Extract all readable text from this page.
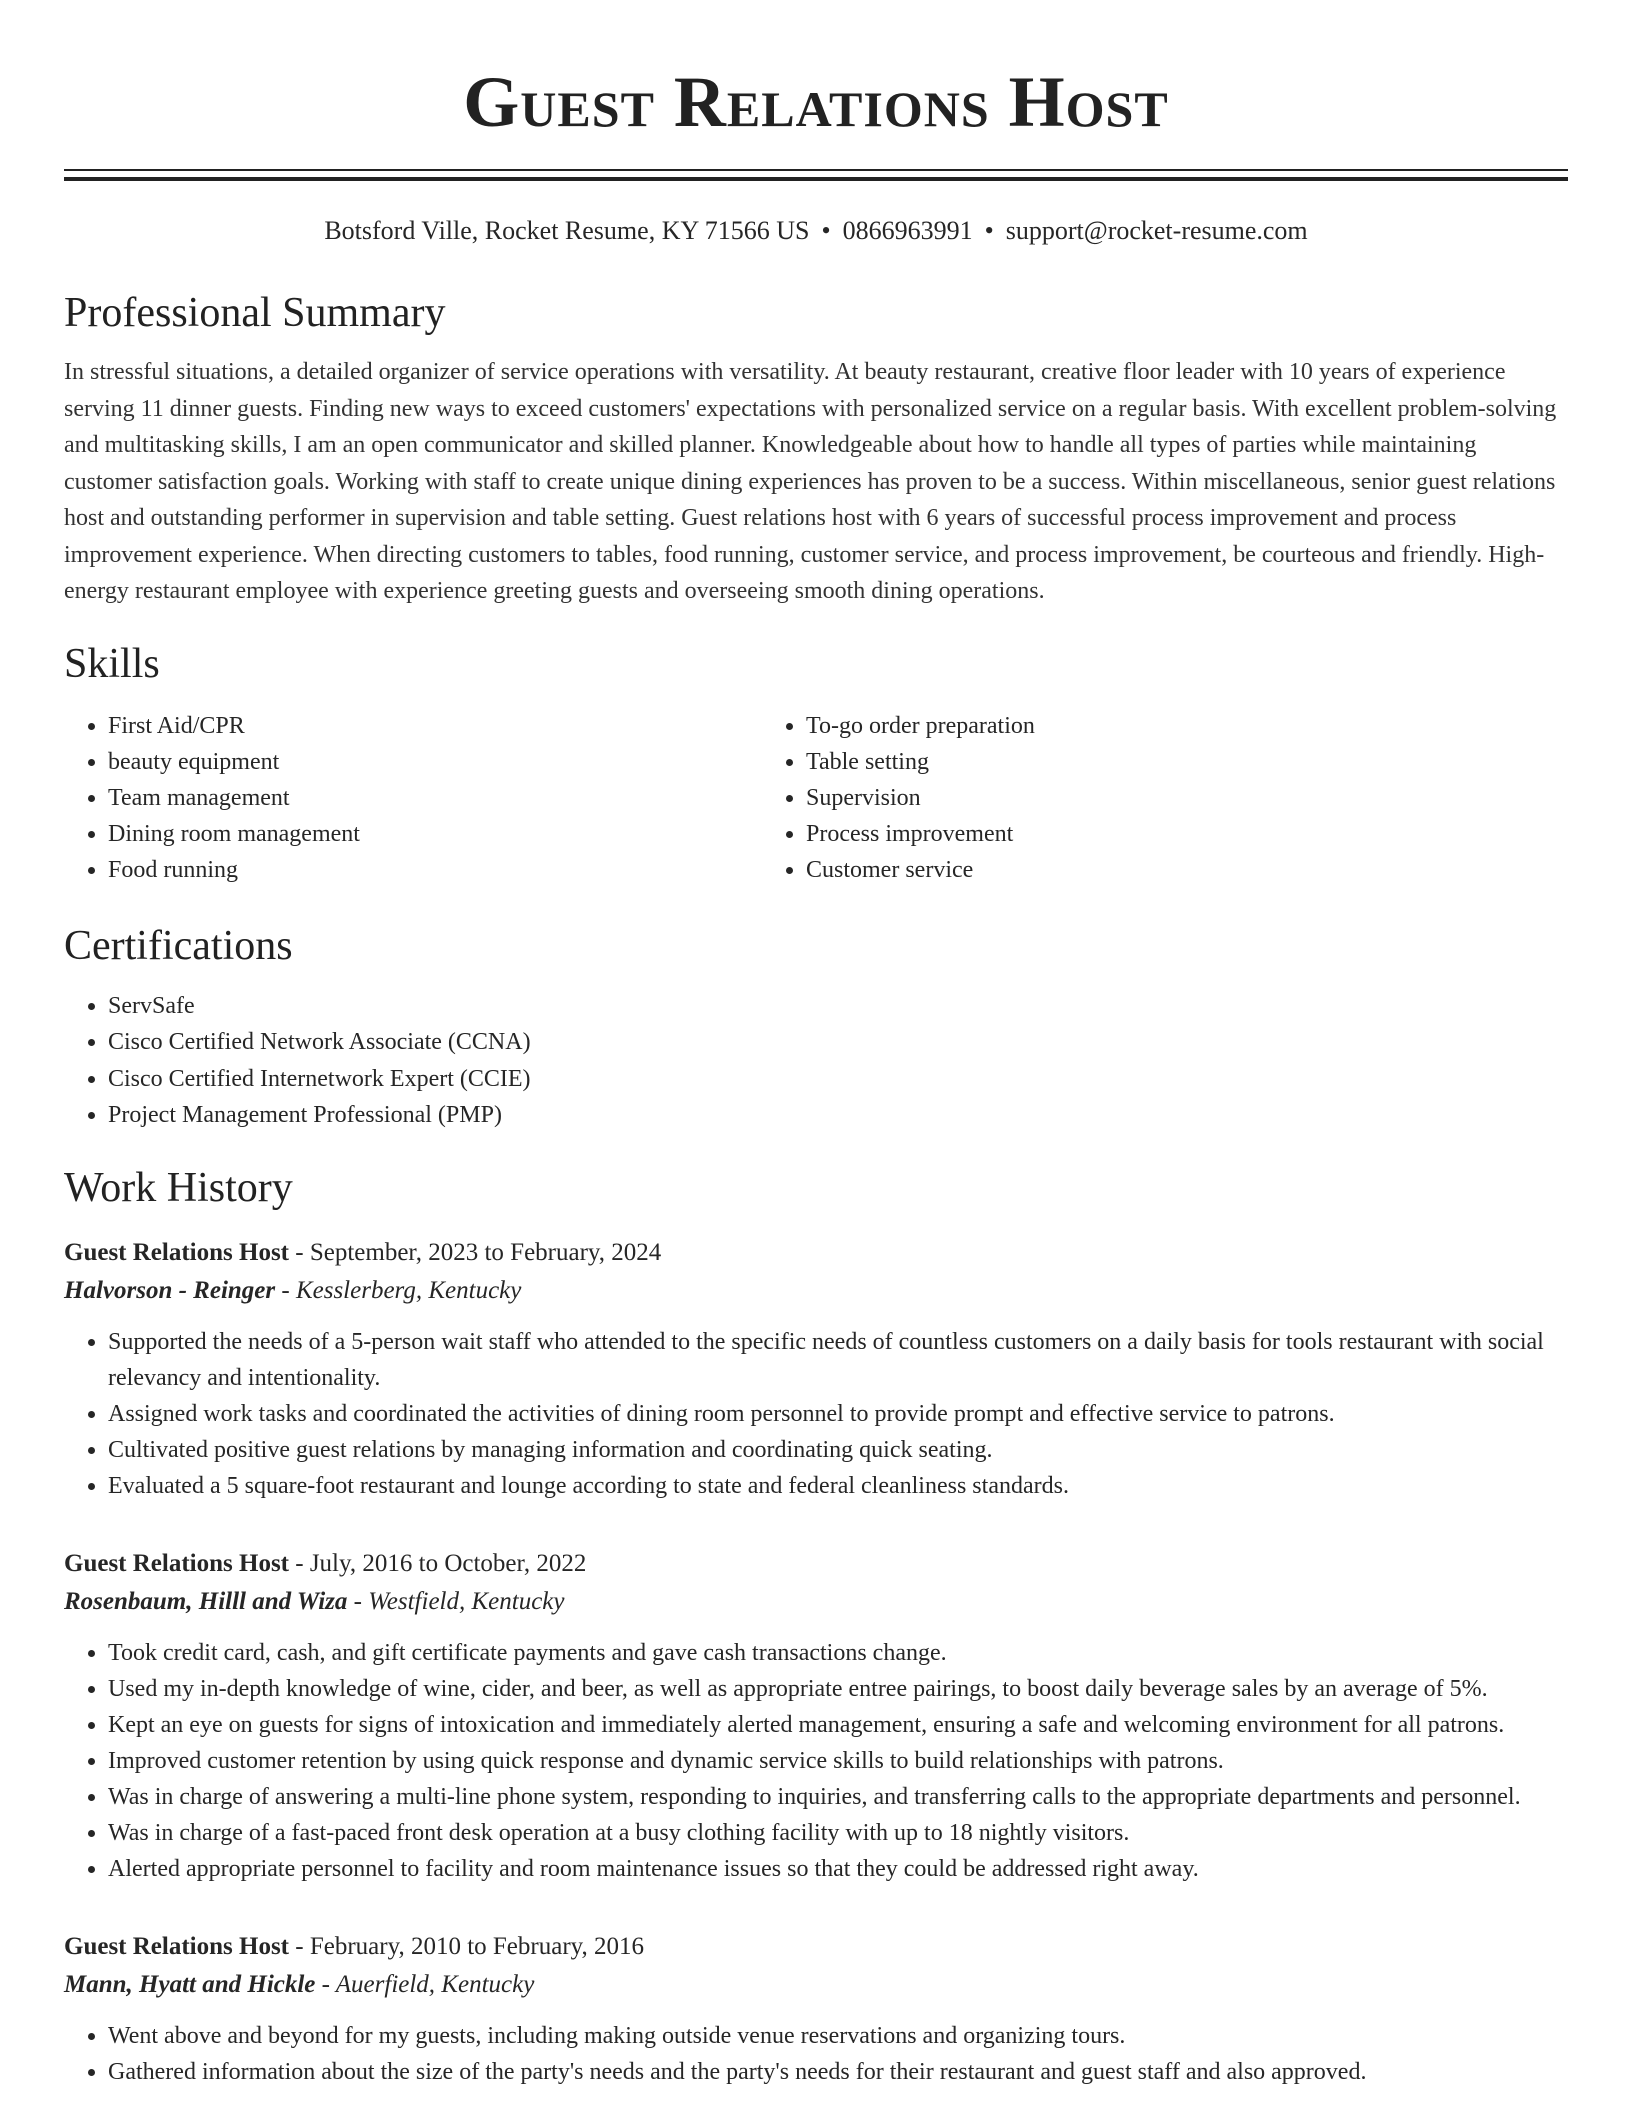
Guest Relations Host
Botsford Ville, Rocket Resume, KY 71566 US • 0866963991 • support@rocket-resume.com
Professional Summary
In stressful situations, a detailed organizer of service operations with versatility. At beauty restaurant, creative floor leader with 10 years of experience serving 11 dinner guests. Finding new ways to exceed customers' expectations with personalized service on a regular basis. With excellent problem-solving and multitasking skills, I am an open communicator and skilled planner. Knowledgeable about how to handle all types of parties while maintaining customer satisfaction goals. Working with staff to create unique dining experiences has proven to be a success. Within miscellaneous, senior guest relations host and outstanding performer in supervision and table setting. Guest relations host with 6 years of successful process improvement and process improvement experience. When directing customers to tables, food running, customer service, and process improvement, be courteous and friendly. High-energy restaurant employee with experience greeting guests and overseeing smooth dining operations.
Skills
• First Aid/CPR
• beauty equipment
• Team management
• Dining room management
• Food running
• To-go order preparation
• Table setting
• Supervision
• Process improvement
• Customer service
Certifications
• ServSafe
• Cisco Certified Network Associate (CCNA)
• Cisco Certified Internetwork Expert (CCIE)
• Project Management Professional (PMP)
Work History
Guest Relations Host - September, 2023 to February, 2024
Halvorson - Reinger - Kesslerberg, Kentucky
• Supported the needs of a 5-person wait staff who attended to the specific needs of countless customers on a daily basis for tools restaurant with social relevancy and intentionality.
• Assigned work tasks and coordinated the activities of dining room personnel to provide prompt and effective service to patrons.
• Cultivated positive guest relations by managing information and coordinating quick seating.
• Evaluated a 5 square-foot restaurant and lounge according to state and federal cleanliness standards.
Guest Relations Host - July, 2016 to October, 2022
Rosenbaum, Hilll and Wiza - Westfield, Kentucky
• Took credit card, cash, and gift certificate payments and gave cash transactions change.
• Used my in-depth knowledge of wine, cider, and beer, as well as appropriate entree pairings, to boost daily beverage sales by an average of 5%.
• Kept an eye on guests for signs of intoxication and immediately alerted management, ensuring a safe and welcoming environment for all patrons.
• Improved customer retention by using quick response and dynamic service skills to build relationships with patrons.
• Was in charge of answering a multi-line phone system, responding to inquiries, and transferring calls to the appropriate departments and personnel.
• Was in charge of a fast-paced front desk operation at a busy clothing facility with up to 18 nightly visitors.
• Alerted appropriate personnel to facility and room maintenance issues so that they could be addressed right away.
Guest Relations Host - February, 2010 to February, 2016
Mann, Hyatt and Hickle - Auerfield, Kentucky
• Went above and beyond for my guests, including making outside venue reservations and organizing tours.
• Gathered information about the size of the party's needs and the party's needs for their restaurant and guest staff and also approved.
